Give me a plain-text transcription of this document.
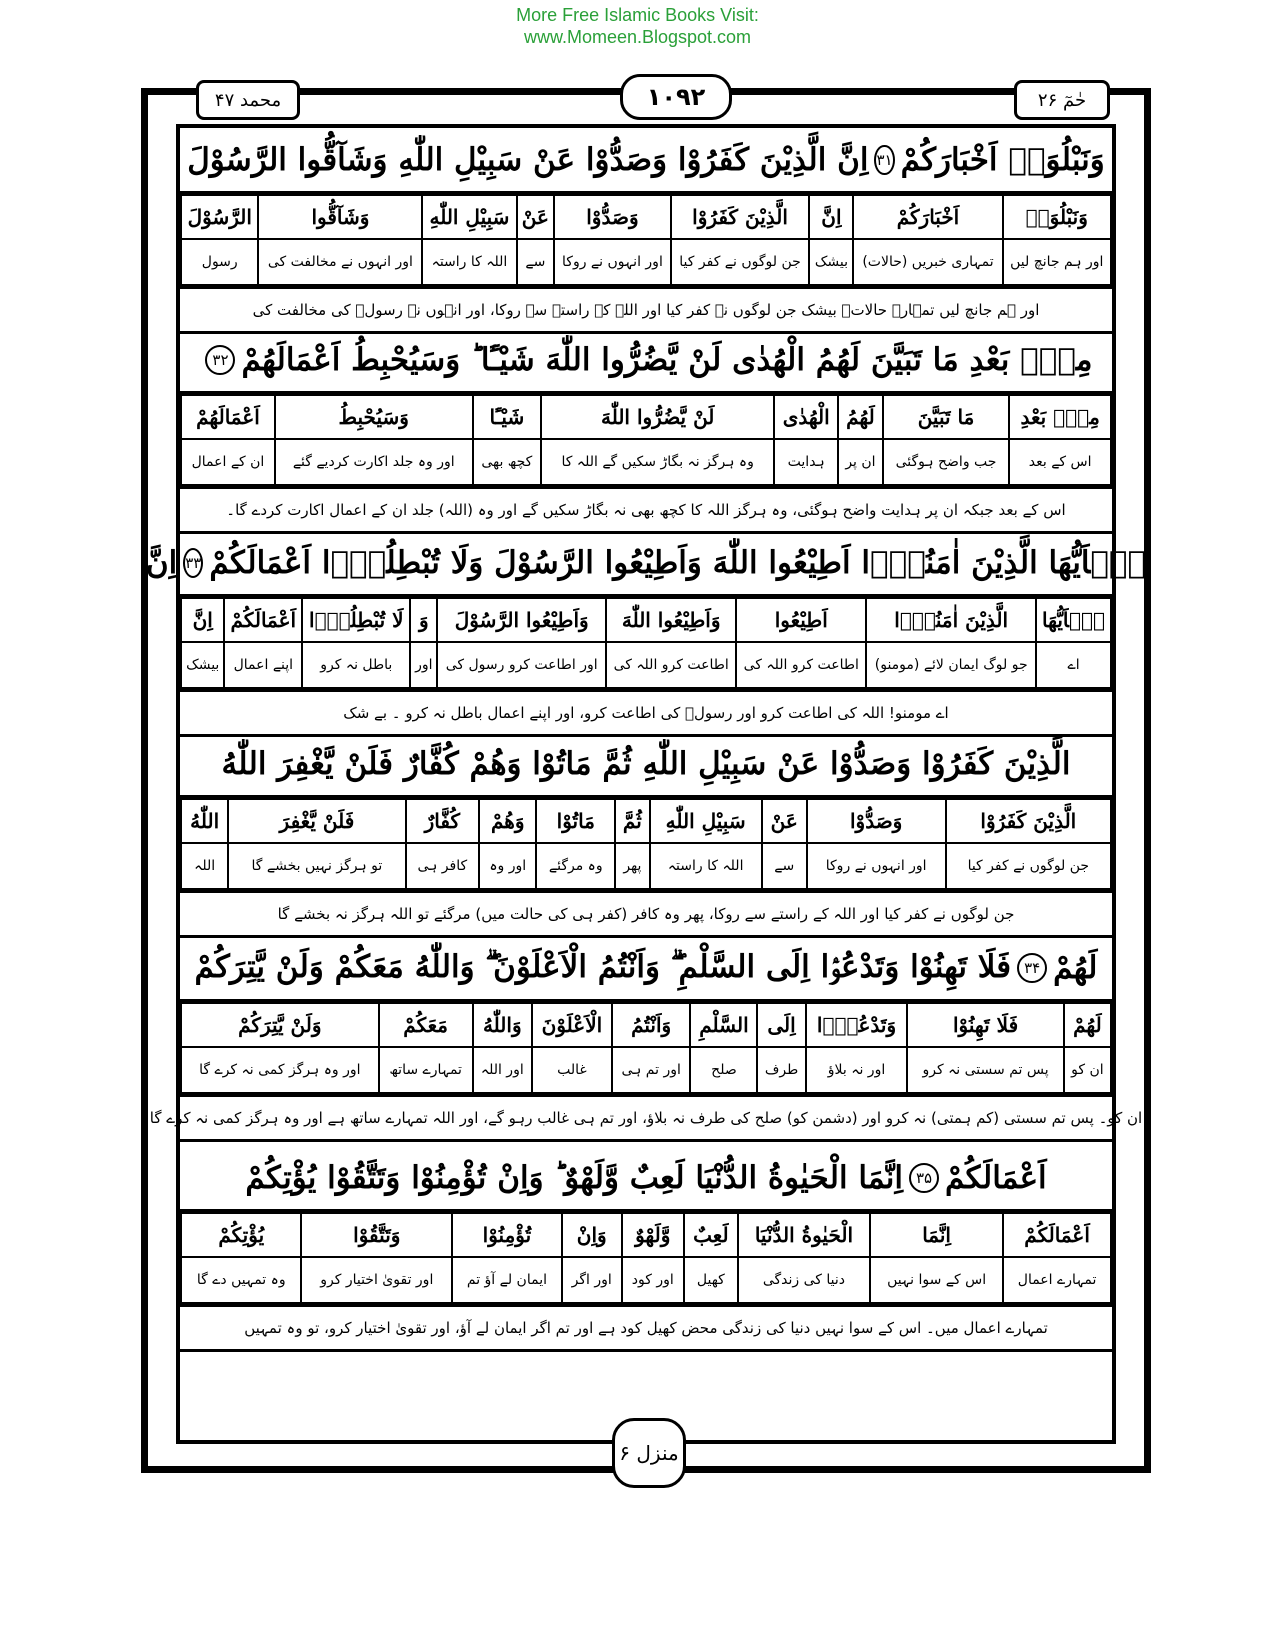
More Free Islamic Books Visit:
www.Momeen.Blogspot.com
محمد ۴۷	۱۰۹۲	حٰمٓ ۲۶
وَنَبْلُوَا۟ اَخْبَارَكُمْ
۳۱
اِنَّ الَّذِيْنَ كَفَرُوْا وَصَدُّوْا عَنْ سَبِيْلِ اللّٰهِ وَشَآقُّوا الرَّسُوْلَ
وَنَبْلُوَا۟	اَخْبَارَكُمْ	اِنَّ	الَّذِيْنَ كَفَرُوْا	وَصَدُّوْا	عَنْ	سَبِيْلِ اللّٰهِ	وَشَآقُّوا	الرَّسُوْلَ
اور ہم جانچ لیں	تمہاری خبریں (حالات)	بیشک	جن لوگوں نے کفر کیا	اور انہوں نے روکا	سے	اللہ کا راستہ	اور انہوں نے مخالفت کی	رسول
اور ہم جانچ لیں تمہارے حالات۔ بیشک جن لوگوں نے کفر کیا اور اللہ کے راستے سے روکا، اور انہوں نے رسولؐ کی مخالفت کی
مِنْۢ بَعْدِ مَا تَبَيَّنَ لَهُمُ الْهُدٰى لَنْ يَّضُرُّوا اللّٰهَ شَيْـًٔا ؕ وَسَيُحْبِطُ اَعْمَالَهُمْ
۳۲
مِنْۢ بَعْدِ	مَا تَبَيَّنَ	لَهُمُ	الْهُدٰى	لَنْ يَّضُرُّوا اللّٰهَ	شَيْـًٔا	وَسَيُحْبِطُ	اَعْمَالَهُمْ
اس کے بعد	جب واضح ہوگئی	ان پر	ہدایت	وہ ہرگز نہ بگاڑ سکیں گے اللہ کا	کچھ بھی	اور وہ جلد اکارت کردیے گئے	ان کے اعمال
اس کے بعد جبکہ ان پر ہدایت واضح ہوگئی، وہ ہرگز اللہ کا کچھ بھی نہ بگاڑ سکیں گے اور وہ (اللہ) جلد ان کے اعمال اکارت کردے گا۔
يٰۤاَيُّهَا الَّذِيْنَ اٰمَنُوْۤا اَطِيْعُوا اللّٰهَ وَاَطِيْعُوا الرَّسُوْلَ وَلَا تُبْطِلُوْۤا اَعْمَالَكُمْ
۳۳
اِنَّ
يٰۤاَيُّهَا	الَّذِيْنَ اٰمَنُوْۤا	اَطِيْعُوا	وَاَطِيْعُوا اللّٰهَ	وَاَطِيْعُوا الرَّسُوْلَ	وَ	لَا تُبْطِلُوْۤا	اَعْمَالَكُمْ	اِنَّ
اے	جو لوگ ایمان لائے (مومنو)	اطاعت کرو اللہ کی	اطاعت کرو اللہ کی	اور اطاعت کرو رسول کی	اور	باطل نہ کرو	اپنے اعمال	بیشک
اے مومنو! اللہ کی اطاعت کرو اور رسولؐ کی اطاعت کرو، اور اپنے اعمال باطل نہ کرو ۔ بے شک
الَّذِيْنَ كَفَرُوْا وَصَدُّوْا عَنْ سَبِيْلِ اللّٰهِ ثُمَّ مَاتُوْا وَهُمْ كُفَّارٌ فَلَنْ يَّغْفِرَ اللّٰهُ
الَّذِيْنَ كَفَرُوْا	وَصَدُّوْا	عَنْ	سَبِيْلِ اللّٰهِ	ثُمَّ	مَاتُوْا	وَهُمْ	كُفَّارٌ	فَلَنْ يَّغْفِرَ	اللّٰهُ
جن لوگوں نے کفر کیا	اور انہوں نے روکا	سے	اللہ کا راستہ	پھر	وہ مرگئے	اور وہ	کافر ہی	تو ہرگز نہیں بخشے گا	اللہ
جن لوگوں نے کفر کیا اور اللہ کے راستے سے روکا، پھر وہ کافر (کفر ہی کی حالت میں) مرگئے تو اللہ ہرگز نہ بخشے گا
لَهُمْ
۳۴
فَلَا تَهِنُوْا وَتَدْعُوْۤا اِلَى السَّلْمِ ۖۗ وَاَنْتُمُ الْاَعْلَوْنَ ۖۗ وَاللّٰهُ مَعَكُمْ وَلَنْ يَّتِرَكُمْ
لَهُمْ	فَلَا تَهِنُوْا	وَتَدْعُوْۤا	اِلَى	السَّلْمِ	وَاَنْتُمُ	الْاَعْلَوْنَ	وَاللّٰهُ	مَعَكُمْ	وَلَنْ يَّتِرَكُمْ
ان کو	پس تم سستی نہ کرو	اور نہ بلاؤ	طرف	صلح	اور تم ہی	غالب	اور اللہ	تمہارے ساتھ	اور وہ ہرگز کمی نہ کرے گا
ان کو۔ پس تم سستی (کم ہمتی) نہ کرو اور (دشمن کو) صلح کی طرف نہ بلاؤ، اور تم ہی غالب رہو گے، اور اللہ تمہارے ساتھ ہے اور وہ ہرگز کمی نہ کرے گا
اَعْمَالَكُمْ
۳۵
اِنَّمَا الْحَيٰوةُ الدُّنْيَا لَعِبٌ وَّلَهْوٌ ؕ وَاِنْ تُؤْمِنُوْا وَتَتَّقُوْا يُؤْتِكُمْ
اَعْمَالَكُمْ	اِنَّمَا	الْحَيٰوةُ الدُّنْيَا	لَعِبٌ	وَّلَهْوٌ	وَاِنْ	تُؤْمِنُوْا	وَتَتَّقُوْا	يُؤْتِكُمْ
تمہارے اعمال	اس کے سوا نہیں	دنیا کی زندگی	کھیل	اور کود	اور اگر	ایمان لے آؤ تم	اور تقویٰ اختیار کرو	وہ تمہیں دے گا
تمہارے اعمال میں۔ اس کے سوا نہیں دنیا کی زندگی محض کھیل کود ہے اور تم اگر ایمان لے آؤ، اور تقویٰ اختیار کرو، تو وہ تمہیں
منزل ۶
